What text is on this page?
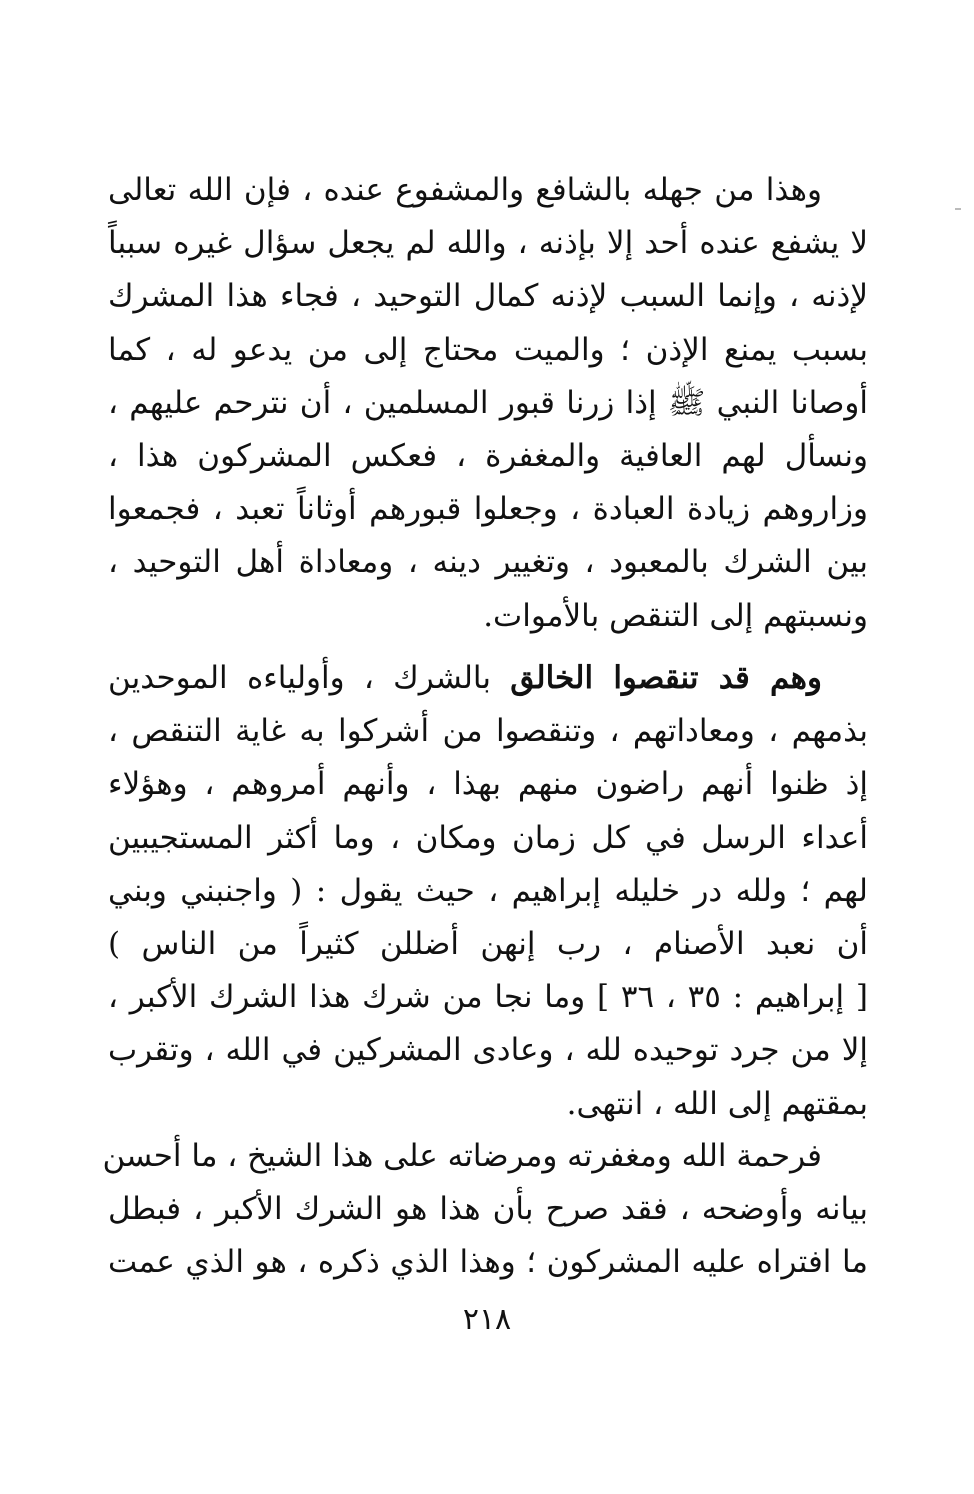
وهذا من جهله بالشافع والمشفوع عنده ، فإن الله تعالى
لا يشفع عنده أحد إلا بإذنه ، والله لم يجعل سؤال غيره سبباً
لإذنه ، وإنما السبب لإذنه كمال التوحيد ، فجاء هذا المشرك
بسبب يمنع الإذن ؛ والميت محتاج إلى من يدعو له ، كما
أوصانا النبي ﷺ إذا زرنا قبور المسلمين ، أن نترحم عليهم ،
ونسأل لهم العافية والمغفرة ، فعكس المشركون هذا ،
وزاروهم زيادة العبادة ، وجعلوا قبورهم أوثاناً تعبد ، فجمعوا
بين الشرك بالمعبود ، وتغيير دينه ، ومعاداة أهل التوحيد ،
ونسبتهم إلى التنقص بالأموات.

وهم قد تنقصوا الخالق بالشرك ، وأولياءه الموحدين
بذمهم ، ومعاداتهم ، وتنقصوا من أشركوا به غاية التنقص ،
إذ ظنوا أنهم راضون منهم بهذا ، وأنهم أمروهم ، وهؤلاء
أعداء الرسل في كل زمان ومكان ، وما أكثر المستجيبين
لهم ؛ ولله در خليله إبراهيم ، حيث يقول : ( واجنبني وبني
أن نعبد الأصنام ، رب إنهن أضللن كثيراً من الناس )
[ إبراهيم : ٣٥ ، ٣٦ ] وما نجا من شرك هذا الشرك الأكبر ،
إلا من جرد توحيده لله ، وعادى المشركين في الله ، وتقرب
بمقتهم إلى الله ، انتهى.

فرحمة الله ومغفرته ومرضاته على هذا الشيخ ، ما أحسن
بيانه وأوضحه ، فقد صرح بأن هذا هو الشرك الأكبر ، فبطل
ما افتراه عليه المشركون ؛ وهذا الذي ذكره ، هو الذي عمت

٢١٨
